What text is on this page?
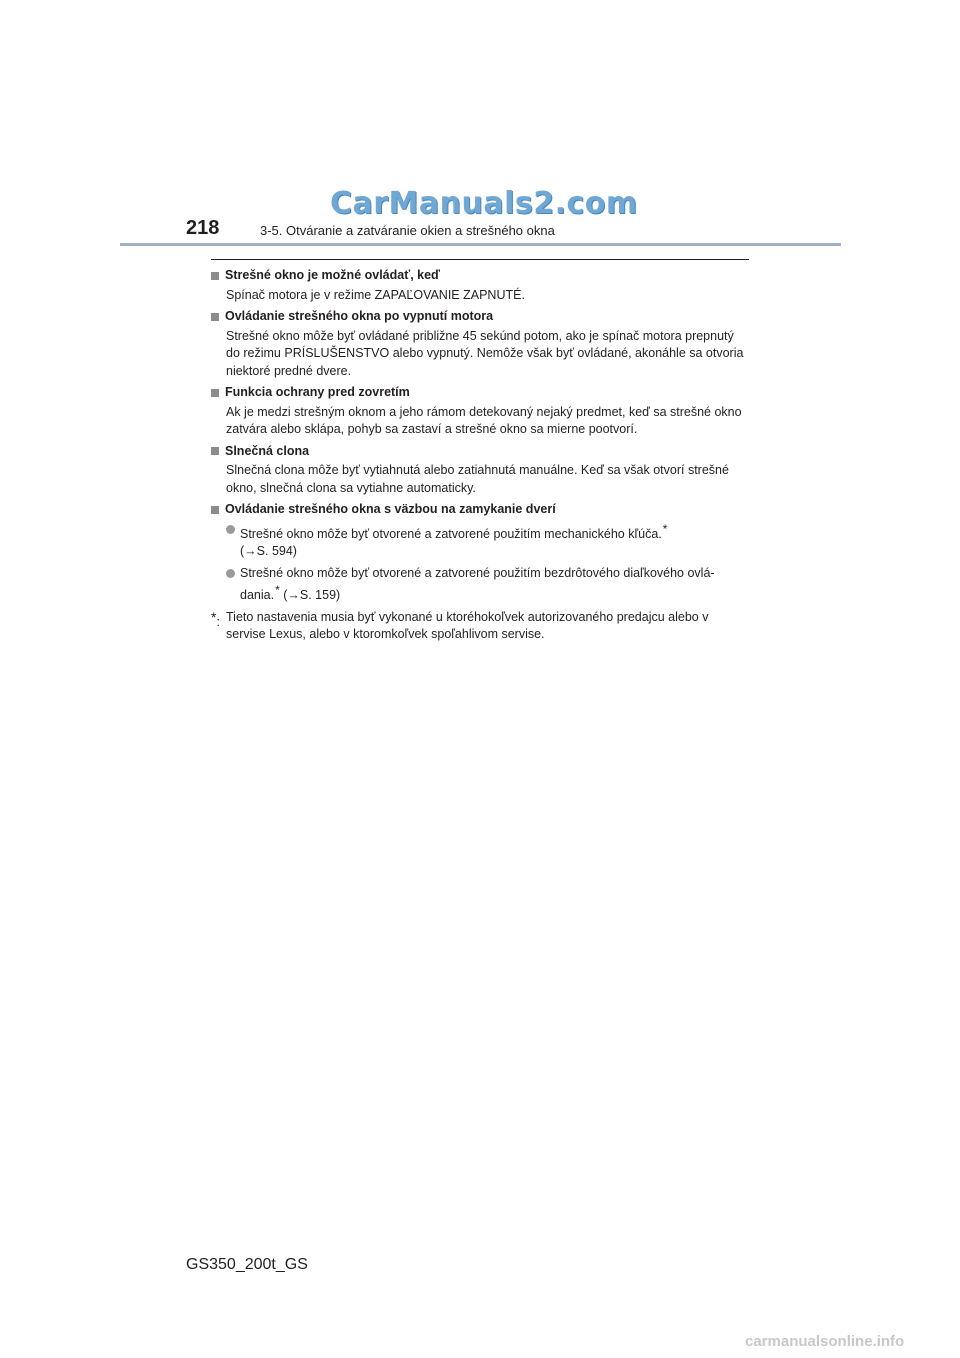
CarManuals2.com
218	3-5. Otváranie a zatváranie okien a strešného okna
Strešné okno je možné ovládať, keď
Spínač motora je v režime ZAPAĽOVANIE ZAPNUTÉ.
Ovládanie strešného okna po vypnutí motora
Strešné okno môže byť ovládané približne 45 sekúnd potom, ako je spínač motora prepnutý do režimu PRÍSLUŠENSTVO alebo vypnutý. Nemôže však byť ovládané, akonáhle sa otvoria niektoré predné dvere.
Funkcia ochrany pred zovretím
Ak je medzi strešným oknom a jeho rámom detekovaný nejaký predmet, keď sa strešné okno zatvára alebo sklápa, pohyb sa zastaví a strešné okno sa mierne pootvorí.
Slnečná clona
Slnečná clona môže byť vytiahnutá alebo zatiahnutá manuálne. Keď sa však otvorí strešné okno, slnečná clona sa vytiahne automaticky.
Ovládanie strešného okna s väzbou na zamykanie dverí
Strešné okno môže byť otvorené a zatvorené použitím mechanického kľúča.*
(→S. 594)
Strešné okno môže byť otvorené a zatvorené použitím bezdrôtového diaľkového ovládania.* (→S. 159)
*: Tieto nastavenia musia byť vykonané u ktoréhokoľvek autorizovaného predajcu alebo v servise Lexus, alebo v ktoromkoľvek spoľahlivom servise.
GS350_200t_GS
carmanualsonline.info
